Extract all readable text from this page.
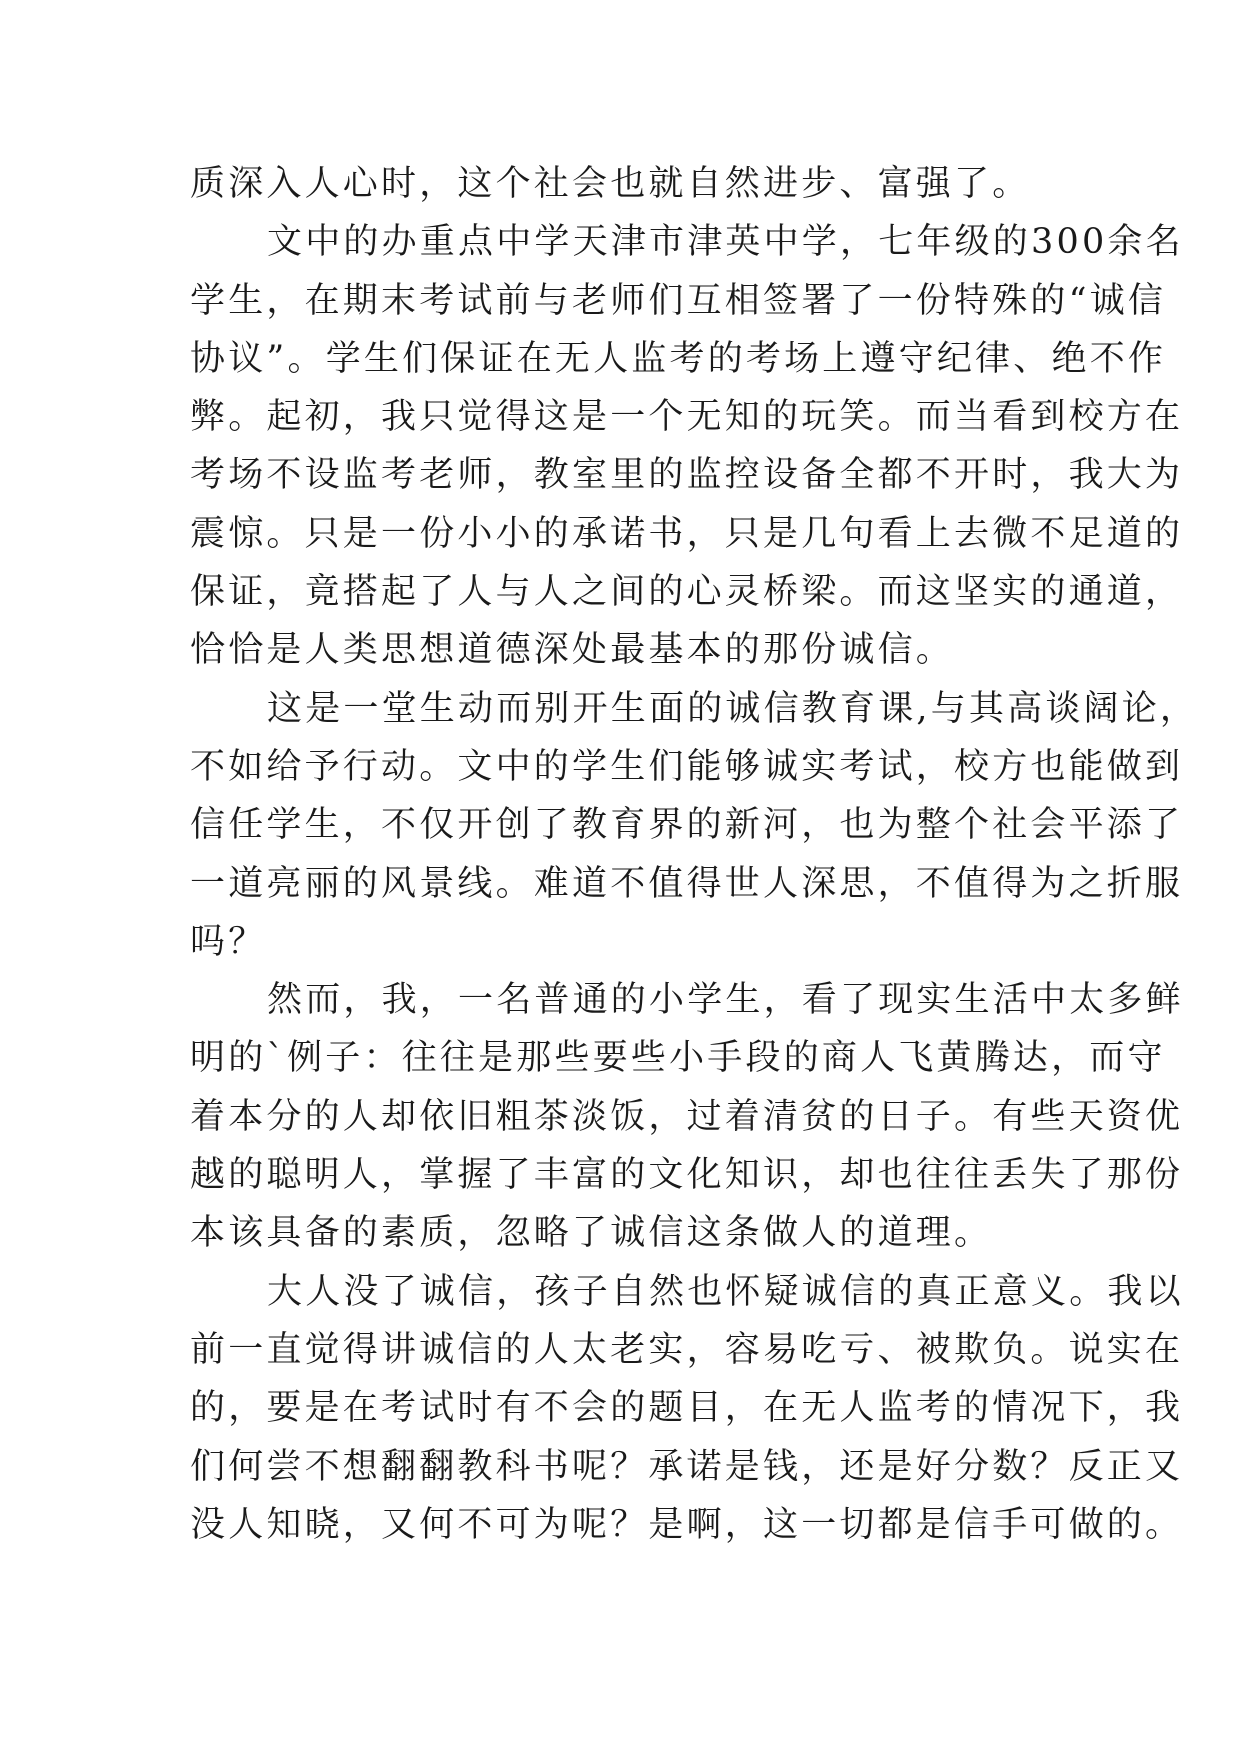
质深入人心时，这个社会也就自然进步、富强了。
文中的办重点中学天津市津英中学，七年级的300余名
学生，在期末考试前与老师们互相签署了一份特殊的“诚信
协议”。学生们保证在无人监考的考场上遵守纪律、绝不作
弊。起初，我只觉得这是一个无知的玩笑。而当看到校方在
考场不设监考老师，教室里的监控设备全都不开时，我大为
震惊。只是一份小小的承诺书，只是几句看上去微不足道的
保证，竟搭起了人与人之间的心灵桥梁。而这坚实的通道，
恰恰是人类思想道德深处最基本的那份诚信。
这是一堂生动而别开生面的诚信教育课,与其高谈阔论，
不如给予行动。文中的学生们能够诚实考试，校方也能做到
信任学生，不仅开创了教育界的新河，也为整个社会平添了
一道亮丽的风景线。难道不值得世人深思，不值得为之折服
吗？
然而，我，一名普通的小学生，看了现实生活中太多鲜
明的`例子：往往是那些要些小手段的商人飞黄腾达，而守
着本分的人却依旧粗茶淡饭，过着清贫的日子。有些天资优
越的聪明人，掌握了丰富的文化知识，却也往往丢失了那份
本该具备的素质，忽略了诚信这条做人的道理。
大人没了诚信，孩子自然也怀疑诚信的真正意义。我以
前一直觉得讲诚信的人太老实，容易吃亏、被欺负。说实在
的，要是在考试时有不会的题目，在无人监考的情况下，我
们何尝不想翻翻教科书呢？承诺是钱，还是好分数？反正又
没人知晓，又何不可为呢？是啊，这一切都是信手可做的。
